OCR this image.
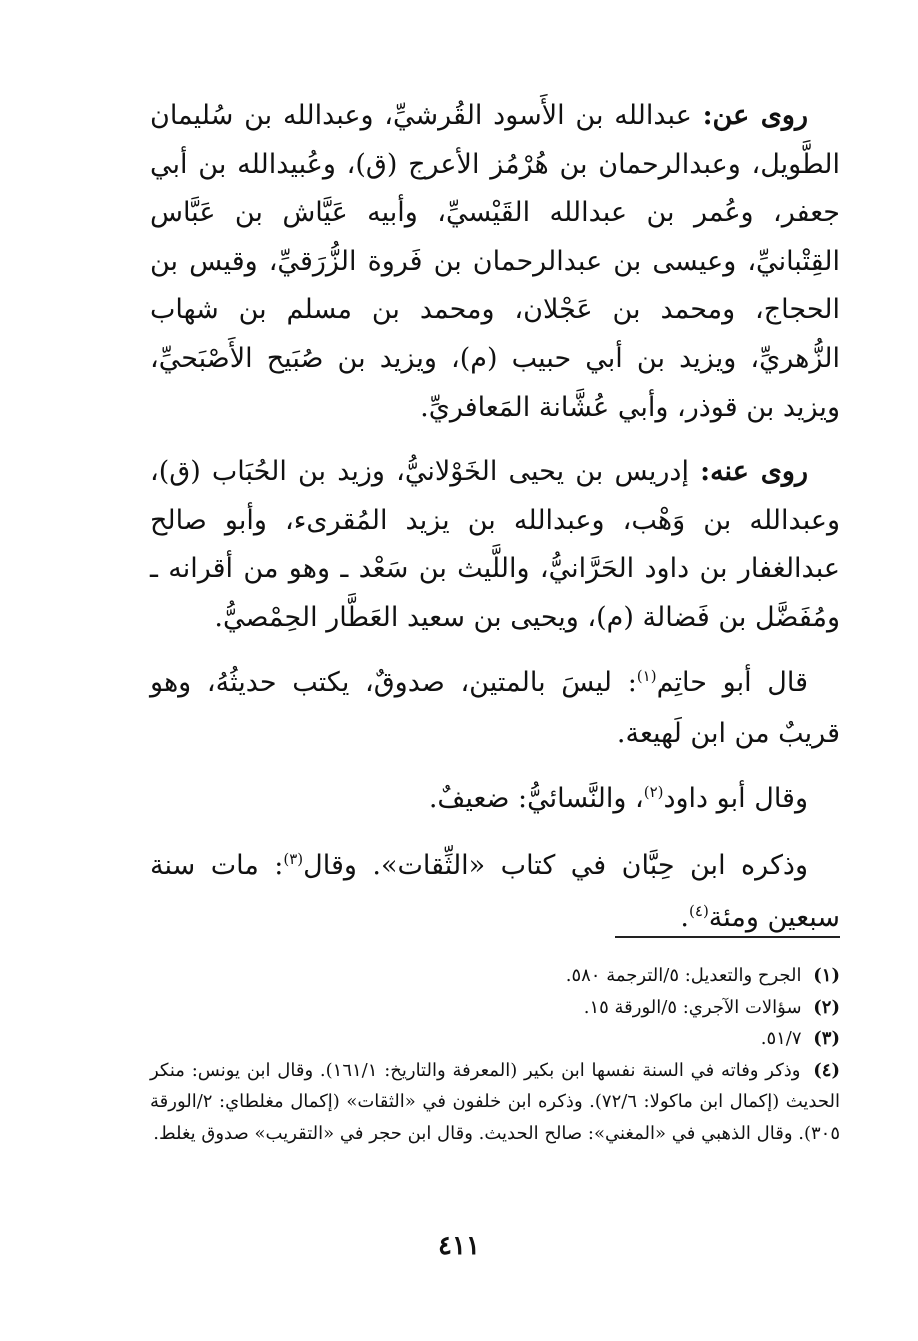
روى عن: عبدالله بن الأَسود القُرشيِّ، وعبدالله بن سُليمان الطَّويل، وعبدالرحمان بن هُرْمُز الأعرج (ق)، وعُبيدالله بن أبي جعفر، وعُمر بن عبدالله القَيْسيِّ، وأبيه عَيَّاش بن عَبَّاس القِتْبانيِّ، وعيسى بن عبدالرحمان بن فَروة الزُّرَقيِّ، وقيس بن الحجاج، ومحمد بن عَجْلان، ومحمد بن مسلم بن شهاب الزُّهريِّ، ويزيد بن أبي حبيب (م)، ويزيد بن صُبَيح الأَصْبَحيِّ، ويزيد بن قوذر، وأبي عُشَّانة المَعافريِّ.

روى عنه: إدريس بن يحيى الخَوْلانيُّ، وزيد بن الحُبَاب (ق)، وعبدالله بن وَهْب، وعبدالله بن يزيد المُقرىء، وأبو صالح عبدالغفار بن داود الحَرَّانيُّ، واللَّيث بن سَعْد ـ وهو من أقرانه ـ ومُفَضَّل بن فَضالة (م)، ويحيى بن سعيد العَطَّار الحِمْصيُّ.

قال أبو حاتِم$^{(١)}$: ليسَ بالمتين، صدوقٌ، يكتب حديثُهُ، وهو قريبٌ من ابن لَهيعة.

وقال أبو داود$^{(٢)}$، والنَّسائيُّ: ضعيفٌ.

وذكره ابن حِبَّان في كتاب «الثِّقات». وقال$^{(٣)}$: مات سنة سبعين ومئة$^{(٤)}$.

(١) الجرح والتعديل: ٥/الترجمة ٥٨٠.

(٢) سؤالات الآجري: ٥/الورقة ١٥.

(٣) ٥١/٧.

(٤) وذكر وفاته في السنة نفسها ابن بكير (المعرفة والتاريخ: ١٦١/١). وقال ابن يونس: منكر الحديث (إكمال ابن ماكولا: ٧٢/٦). وذكره ابن خلفون في «الثقات» (إكمال مغلطاي: ٢/الورقة ٣٠٥). وقال الذهبي في «المغني»: صالح الحديث. وقال ابن حجر في «التقريب» صدوق يغلط.

٤١١
